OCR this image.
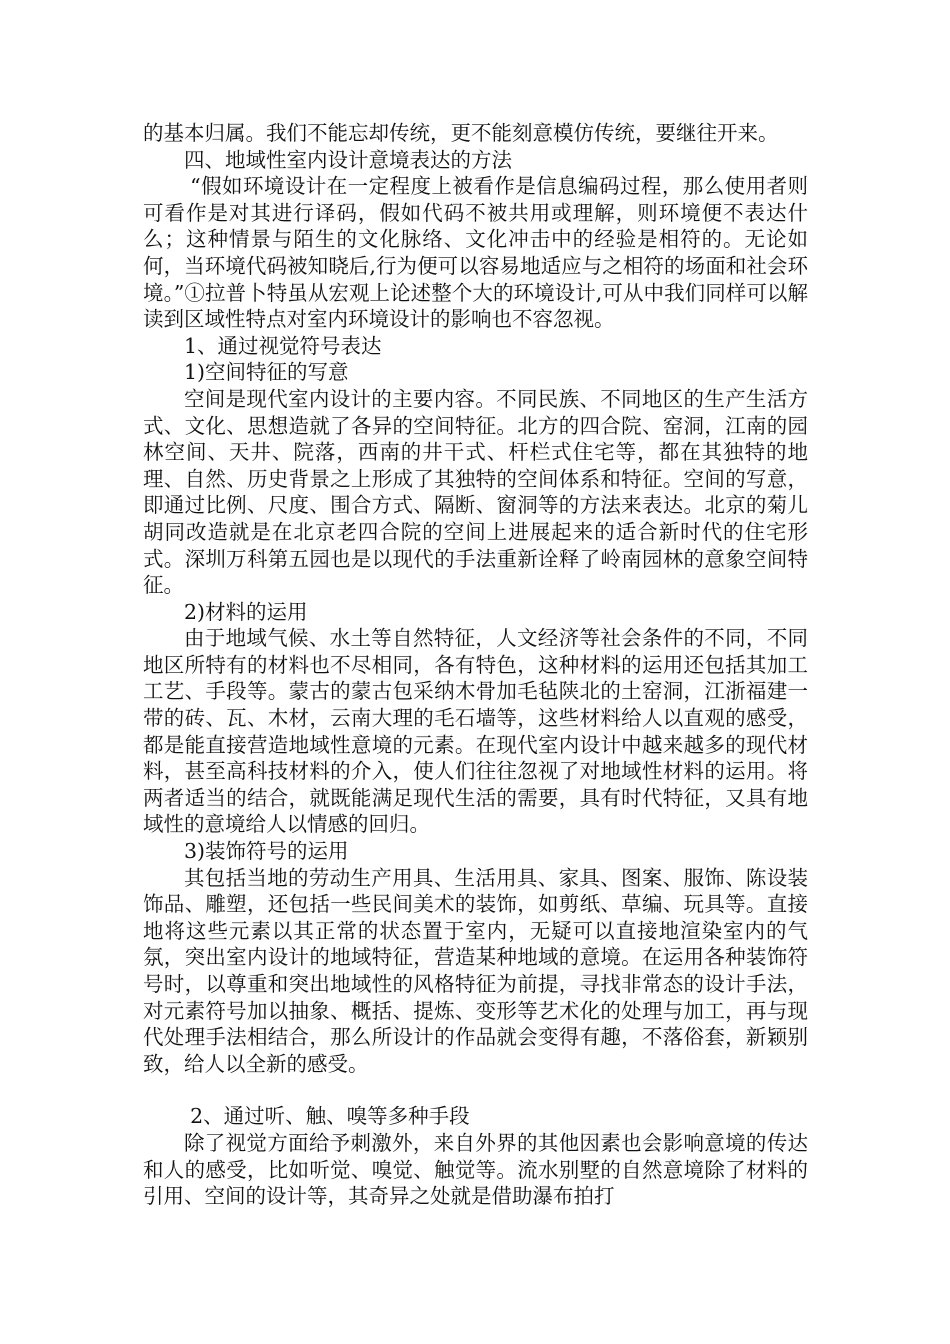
的基本归属。我们不能忘却传统，更不能刻意模仿传统，要继往开来。

四、地域性室内设计意境表达的方法

“假如环境设计在一定程度上被看作是信息编码过程，那么使用者则可看作是对其进行译码，假如代码不被共用或理解，则环境便不表达什么；这种情景与陌生的文化脉络、文化冲击中的经验是相符的。无论如何，当环境代码被知晓后,行为便可以容易地适应与之相符的场面和社会环境。”①拉普卜特虽从宏观上论述整个大的环境设计,可从中我们同样可以解读到区域性特点对室内环境设计的影响也不容忽视。

1、通过视觉符号表达

1)空间特征的写意

空间是现代室内设计的主要内容。不同民族、不同地区的生产生活方式、文化、思想造就了各异的空间特征。北方的四合院、窑洞，江南的园林空间、天井、院落，西南的井干式、杆栏式住宅等，都在其独特的地理、自然、历史背景之上形成了其独特的空间体系和特征。空间的写意，即通过比例、尺度、围合方式、隔断、窗洞等的方法来表达。北京的菊儿胡同改造就是在北京老四合院的空间上进展起来的适合新时代的住宅形式。深圳万科第五园也是以现代的手法重新诠释了岭南园林的意象空间特征。

2)材料的运用

由于地域气候、水土等自然特征，人文经济等社会条件的不同，不同地区所特有的材料也不尽相同，各有特色，这种材料的运用还包括其加工工艺、手段等。蒙古的蒙古包采纳木骨加毛毡陕北的土窑洞，江浙福建一带的砖、瓦、木材，云南大理的毛石墙等，这些材料给人以直观的感受，都是能直接营造地域性意境的元素。在现代室内设计中越来越多的现代材料，甚至高科技材料的介入，使人们往往忽视了对地域性材料的运用。将两者适当的结合，就既能满足现代生活的需要，具有时代特征，又具有地域性的意境给人以情感的回归。

3)装饰符号的运用

其包括当地的劳动生产用具、生活用具、家具、图案、服饰、陈设装饰品、雕塑，还包括一些民间美术的装饰，如剪纸、草编、玩具等。直接地将这些元素以其正常的状态置于室内，无疑可以直接地渲染室内的气氛，突出室内设计的地域特征，营造某种地域的意境。在运用各种装饰符号时，以尊重和突出地域性的风格特征为前提，寻找非常态的设计手法，对元素符号加以抽象、概括、提炼、变形等艺术化的处理与加工，再与现代处理手法相结合，那么所设计的作品就会变得有趣，不落俗套，新颖别致，给人以全新的感受。

2、通过听、触、嗅等多种手段

除了视觉方面给予刺激外，来自外界的其他因素也会影响意境的传达和人的感受，比如听觉、嗅觉、触觉等。流水别墅的自然意境除了材料的引用、空间的设计等，其奇异之处就是借助瀑布拍打
